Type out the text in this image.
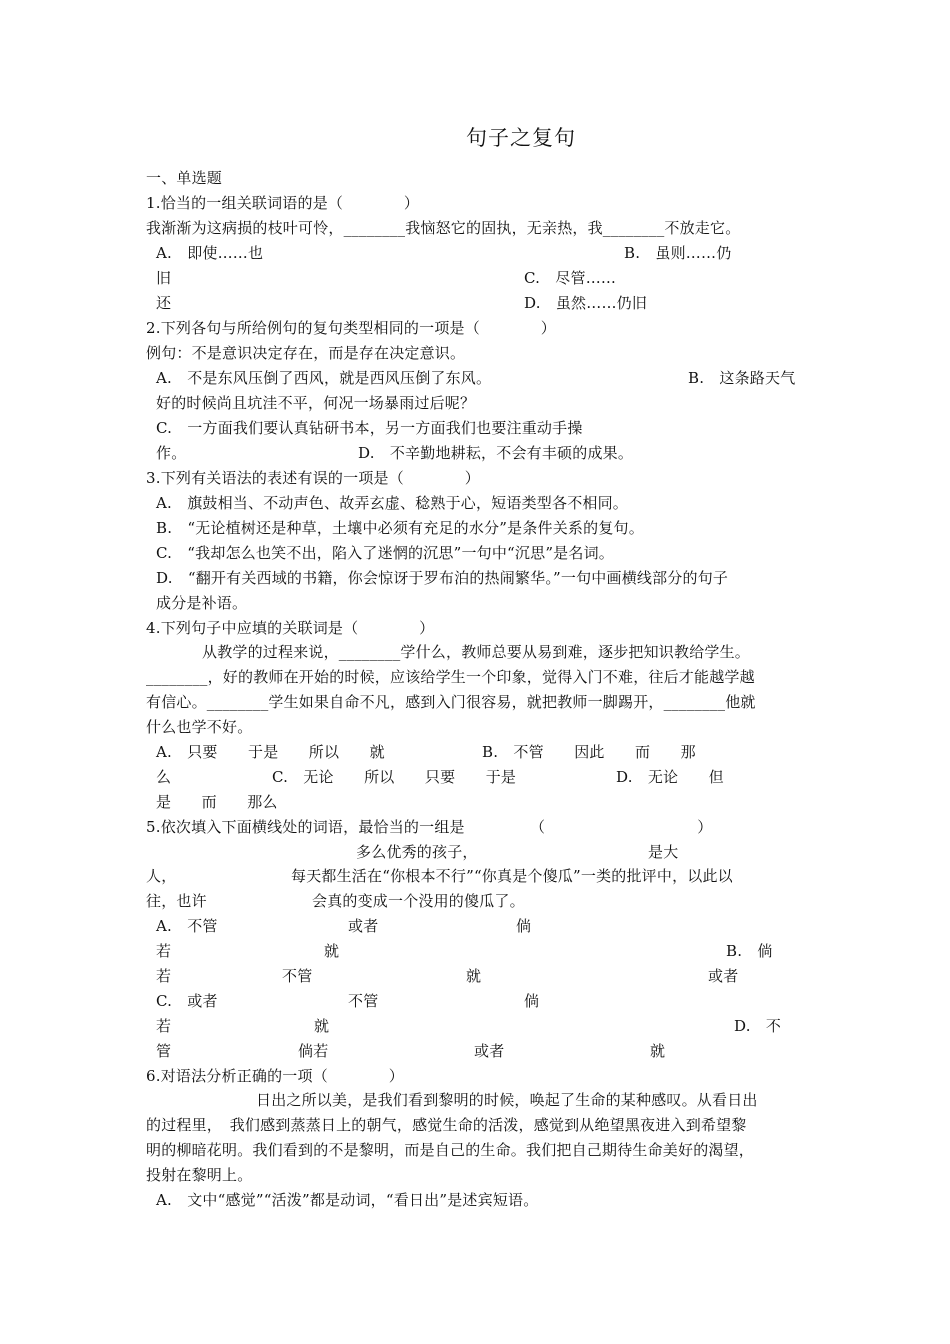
句子之复句
一、单选题
1.恰当的一组关联词语的是（　　　　）
我渐渐为这病损的枝叶可怜，________我恼怒它的固执，无亲热，我________不放走它。
A.　即使……也	B.　虽则……仍
旧	C.　尽管……
还	D.　虽然……仍旧
2.下列各句与所给例句的复句类型相同的一项是（　　　　）
例句：不是意识决定存在，而是存在决定意识。
A.　不是东风压倒了西风，就是西风压倒了东风。	B.　这条路天气
好的时候尚且坑洼不平，何况一场暴雨过后呢？
C.　一方面我们要认真钻研书本，另一方面我们也要注重动手操
作。	D.　不辛勤地耕耘，不会有丰硕的成果。
3.下列有关语法的表述有误的一项是（　　　　）
A.　旗鼓相当、不动声色、故弄玄虚、稔熟于心，短语类型各不相同。
B.　“无论植树还是种草，土壤中必须有充足的水分”是条件关系的复句。
C.　“我却怎么也笑不出，陷入了迷惘的沉思”一句中“沉思”是名词。
D.　“翻开有关西域的书籍，你会惊讶于罗布泊的热闹繁华。”一句中画横线部分的句子
成分是补语。
4.下列句子中应填的关联词是（　　　　）
从教学的过程来说，________学什么，教师总要从易到难，逐步把知识教给学生。
________，好的教师在开始的时候，应该给学生一个印象，觉得入门不难，往后才能越学越
有信心。________学生如果自命不凡，感到入门很容易，就把教师一脚踢开，________他就
什么也学不好。
A.　只要　　于是　　所以　　就	B.　不管　　因此　　而　　那
么	C.　无论　　所以　　只要　　于是	D.　无论　　但
是　　而　　那么
5.依次填入下面横线处的词语，最恰当的一组是	（　　　　　　　　　　）
多么优秀的孩子，	是大
人，	每天都生活在“你根本不行”“你真是个傻瓜”一类的批评中，以此以
往，也许	会真的变成一个没用的傻瓜了。
A.　不管	或者	倘
若	就	B.　倘
若	不管	就	或者
C.　或者	不管	倘
若	就	D.　不
管	倘若	或者	就
6.对语法分析正确的一项（　　　　）
日出之所以美，是我们看到黎明的时候，唤起了生命的某种感叹。从看日出
的过程里，　我们感到蒸蒸日上的朝气，感觉生命的活泼，感觉到从绝望黑夜进入到希望黎
明的柳暗花明。我们看到的不是黎明，而是自己的生命。我们把自己期待生命美好的渴望，
投射在黎明上。
A.　文中“感觉”“活泼”都是动词，“看日出”是述宾短语。
